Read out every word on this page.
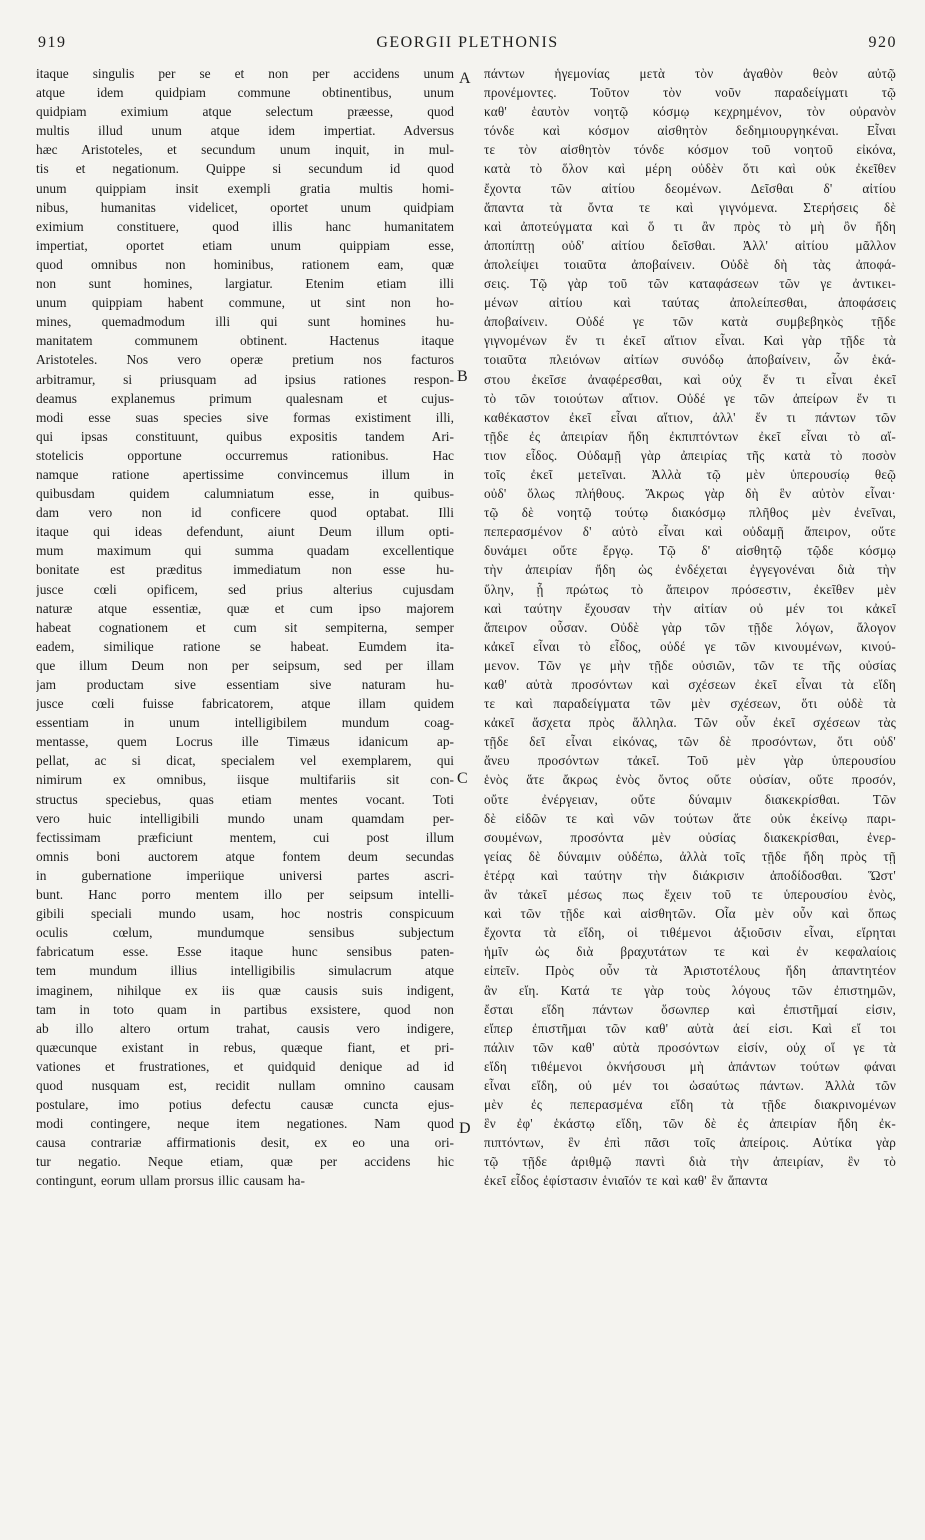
919	GEORGII PLETHONIS	920
itaque singulis per se et non per accidens unum
atque idem quidpiam commune obtinentibus, unum
quidpiam eximium atque selectum præesse, quod
multis illud unum atque idem impertiat. Adversus
hæc Aristoteles, et secundum unum inquit, in mul-
tis et negationum. Quippe si secundum id quod
unum quippiam insit exempli gratia multis homi-
nibus, humanitas videlicet, oportet unum quidpiam
eximium constituere, quod illis hanc humanitatem
impertiat, oportet etiam unum quippiam esse,
quod omnibus non hominibus, rationem eam, quæ
non sunt homines, largiatur. Etenim etiam illi
unum quippiam habent commune, ut sint non ho-
mines, quemadmodum illi qui sunt homines hu-
manitatem communem obtinent. Hactenus itaque
Aristoteles. Nos vero operæ pretium nos facturos
arbitramur, si priusquam ad ipsius rationes respon-
deamus explanemus primum qualesnam et cujus-
modi esse suas species sive formas existiment illi,
qui ipsas constituunt, quibus expositis tandem Ari-
stotelicis opportune occurremus rationibus. Hac
namque ratione apertissime convincemus illum in
quibusdam quidem calumniatum esse, in quibus-
dam vero non id conficere quod optabat. Illi
itaque qui ideas defendunt, aiunt Deum illum opti-
mum maximum qui summa quadam excellentique
bonitate est præditus immediatum non esse hu-
jusce cœli opificem, sed prius alterius cujusdam
naturæ atque essentiæ, quæ et cum ipso majorem
habeat cognationem et cum sit sempiterna, semper
eadem, similique ratione se habeat. Eumdem ita-
que illum Deum non per seipsum, sed per illam
jam productam sive essentiam sive naturam hu-
jusce cœli fuisse fabricatorem, atque illam quidem
essentiam in unum intelligibilem mundum coag-
mentasse, quem Locrus ille Timæus idanicum ap-
pellat, ac si dicat, specialem vel exemplarem, qui
nimirum ex omnibus, iisque multifariis sit con-
structus speciebus, quas etiam mentes vocant. Toti
vero huic intelligibili mundo unam quamdam per-
fectissimam præficiunt mentem, cui post illum
omnis boni auctorem atque fontem deum secundas
in gubernatione imperiique universi partes ascri-
bunt. Hanc porro mentem illo per seipsum intelli-
gibili speciali mundo usam, hoc nostris conspicuum
oculis cœlum, mundumque sensibus subjectum
fabricatum esse. Esse itaque hunc sensibus paten-
tem mundum illius intelligibilis simulacrum atque
imaginem, nihilque ex iis quæ causis suis indigent,
tam in toto quam in partibus exsistere, quod non
ab illo altero ortum trahat, causis vero indigere,
quæcunque existant in rebus, quæque fiant, et pri-
vationes et frustrationes, et quidquid denique ad id
quod nusquam est, recidit nullam omnino causam
postulare, imo potius defectu causæ cuncta ejus-
modi contingere, neque item negationes. Nam quod
causa contrariæ affirmationis desit, ex eo una ori-
tur negatio. Neque etiam, quæ per accidens hic
contingunt, eorum ullam prorsus illic causam ha-
πάντων ἡγεμονίας μετὰ τὸν ἀγαθὸν θεὸν αὐτῷ
προνέμοντες. Τοῦτον τὸν νοῦν παραδείγματι τῷ
καθ' ἑαυτὸν νοητῷ κόσμῳ κεχρημένον, τὸν οὐρανὸν
τόνδε καὶ κόσμον αἰσθητὸν δεδημιουργηκέναι. Εἶναι
τε τὸν αἰσθητὸν τόνδε κόσμον τοῦ νοητοῦ εἰκόνα,
κατὰ τὸ ὅλον καὶ μέρη οὐδὲν ὅτι καὶ οὐκ ἐκεῖθεν
ἔχοντα τῶν αἰτίου δεομένων. Δεῖσθαι δ' αἰτίου
ἅπαντα τὰ ὄντα τε καὶ γιγνόμενα. Στερήσεις δὲ
καὶ ἀποτεύγματα καὶ ὅ τι ἂν πρὸς τὸ μὴ ὂν ἤδη
ἀποπίπτῃ οὐδ' αἰτίου δεῖσθαι. Ἀλλ' αἰτίου μᾶλλον
ἀπολείψει τοιαῦτα ἀποβαίνειν. Οὐδὲ δὴ τὰς ἀποφά-
σεις. Τῷ γὰρ τοῦ τῶν καταφάσεων τῶν γε ἀντικει-
μένων αἰτίου καὶ ταύτας ἀπολείπεσθαι, ἀποφάσεις
ἀποβαίνειν. Οὐδέ γε τῶν κατὰ συμβεβηκὸς τῇδε
γιγνομένων ἕν τι ἐκεῖ αἴτιον εἶναι. Καὶ γὰρ τῇδε τὰ
τοιαῦτα πλειόνων αἰτίων συνόδῳ ἀποβαίνειν, ὧν ἑκά-
στου ἐκεῖσε ἀναφέρεσθαι, καὶ οὐχ ἕν τι εἶναι ἐκεῖ
τὸ τῶν τοιούτων αἴτιον. Οὐδέ γε τῶν ἀπείρων ἕν τι
καθέκαστον ἐκεῖ εἶναι αἴτιον, ἀλλ' ἕν τι πάντων τῶν
τῇδε ἐς ἀπειρίαν ἤδη ἐκπιπτόντων ἐκεῖ εἶναι τὸ αἴ-
τιον εἶδος. Οὐδαμῇ γὰρ ἀπειρίας τῆς κατὰ τὸ ποσὸν
τοῖς ἐκεῖ μετεῖναι. Ἀλλὰ τῷ μὲν ὑπερουσίῳ θεῷ
οὐδ' ὅλως πλήθους. Ἄκρως γὰρ δὴ ἓν αὐτὸν εἶναι·
τῷ δὲ νοητῷ τούτῳ διακόσμῳ πλῆθος μὲν ἐνεῖναι,
πεπερασμένον δ' αὐτὸ εἶναι καὶ οὐδαμῇ ἄπειρον, οὔτε
δυνάμει οὔτε ἔργῳ. Τῷ δ' αἰσθητῷ τῷδε κόσμῳ
τὴν ἀπειρίαν ἤδη ὡς ἐνδέχεται ἐγγεγονέναι διὰ τὴν
ὕλην, ᾗ πρώτως τὸ ἄπειρον πρόσεστιν, ἐκεῖθεν μὲν
καὶ ταύτην ἔχουσαν τὴν αἰτίαν οὐ μέν τοι κἀκεῖ
ἄπειρον οὖσαν. Οὐδὲ γὰρ τῶν τῇδε λόγων, ἄλογον
κἀκεῖ εἶναι τὸ εἶδος, οὐδέ γε τῶν κινουμένων, κινού-
μενον. Τῶν γε μὴν τῇδε οὐσιῶν, τῶν τε τῆς οὐσίας
καθ' αὑτὰ προσόντων καὶ σχέσεων ἐκεῖ εἶναι τὰ εἴδη
τε καὶ παραδείγματα τῶν μὲν σχέσεων, ὅτι οὐδὲ τὰ
κἀκεῖ ἄσχετα πρὸς ἄλληλα. Τῶν οὖν ἐκεῖ σχέσεων τὰς
τῇδε δεῖ εἶναι εἰκόνας, τῶν δὲ προσόντων, ὅτι οὐδ'
ἄνευ προσόντων τἀκεῖ. Τοῦ μὲν γὰρ ὑπερουσίου
ἑνὸς ἅτε ἄκρως ἑνὸς ὄντος οὔτε οὐσίαν, οὔτε προσόν,
οὔτε ἐνέργειαν, οὔτε δύναμιν διακεκρίσθαι. Τῶν
δὲ εἰδῶν τε καὶ νῶν τούτων ἅτε οὐκ ἐκείνῳ παρι-
σουμένων, προσόντα μὲν οὐσίας διακεκρίσθαι, ἐνερ-
γείας δὲ δύναμιν οὐδέπω, ἀλλὰ τοῖς τῇδε ἤδη πρὸς τῇ
ἑτέρᾳ καὶ ταύτην τὴν διάκρισιν ἀποδίδοσθαι. Ὥστ'
ἂν τἀκεῖ μέσως πως ἔχειν τοῦ τε ὑπερουσίου ἑνὸς,
καὶ τῶν τῇδε καὶ αἰσθητῶν. Οἷα μὲν οὖν καὶ ὅπως
ἔχοντα τὰ εἴδη, οἱ τιθέμενοι ἀξιοῦσιν εἶναι, εἴρηται
ἡμῖν ὡς διὰ βραχυτάτων τε καὶ ἐν κεφαλαίοις
εἰπεῖν. Πρὸς οὖν τὰ Ἀριστοτέλους ἤδη ἀπαντητέον
ἂν εἴη. Κατά τε γὰρ τοὺς λόγους τῶν ἐπιστημῶν,
ἔσται εἴδη πάντων ὅσωνπερ καὶ ἐπιστῆμαί εἰσιν,
εἴπερ ἐπιστῆμαι τῶν καθ' αὑτὰ ἀεί εἰσι. Καὶ εἴ τοι
πάλιν τῶν καθ' αὑτὰ προσόντων εἰσίν, οὐχ οἵ γε τὰ
εἴδη τιθέμενοι ὀκνήσουσι μὴ ἁπάντων τούτων φάναι
εἶναι εἴδη, οὐ μέν τοι ὡσαύτως πάντων. Ἀλλὰ τῶν
μὲν ἐς πεπερασμένα εἴδη τὰ τῇδε διακρινομένων
ἓν ἐφ' ἑκάστῳ εἴδη, τῶν δὲ ἐς ἀπειρίαν ἤδη ἐκ-
πιπτόντων, ἓν ἐπὶ πᾶσι τοῖς ἀπείροις. Αὐτίκα γὰρ
τῷ τῇδε ἀριθμῷ παντὶ διὰ τὴν ἀπειρίαν, ἓν τὸ
ἐκεῖ εἶδος ἐφίστασιν ἑνιαῖόν τε καὶ καθ' ἓν ἅπαντα
A
B
C
D
